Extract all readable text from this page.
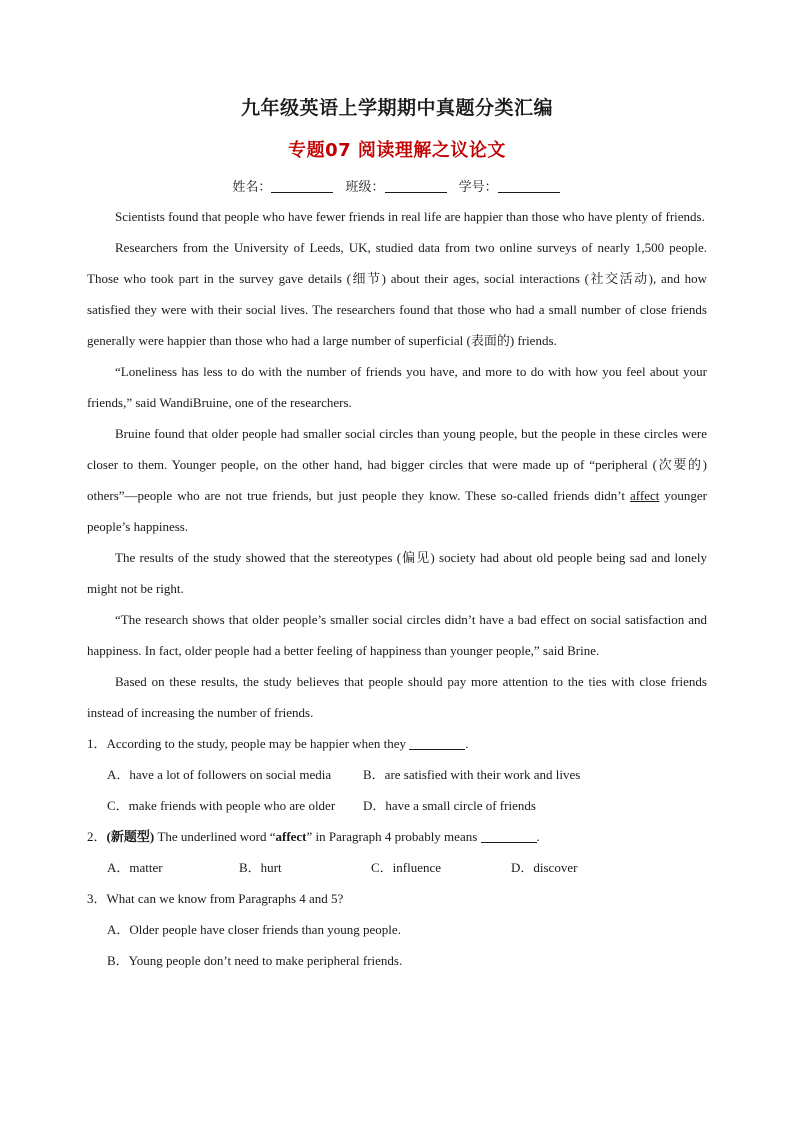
九年级英语上学期期中真题分类汇编
专题07 阅读理解之议论文
姓名：	班级：	学号：

Scientists found that people who have fewer friends in real life are happier than those who have plenty of friends.

Researchers from the University of Leeds, UK, studied data from two online surveys of nearly 1,500 people. Those who took part in the survey gave details (细节) about their ages, social interactions (社交活动), and how satisfied they were with their social lives. The researchers found that those who had a small number of close friends generally were happier than those who had a large number of superficial (表面的) friends.

“Loneliness has less to do with the number of friends you have, and more to do with how you feel about your friends,” said WandiBruine, one of the researchers.

Bruine found that older people had smaller social circles than young people, but the people in these circles were closer to them. Younger people, on the other hand, had bigger circles that were made up of “peripheral (次要的) others”—people who are not true friends, but just people they know. These so-called friends didn’t affect younger people’s happiness.

The results of the study showed that the stereotypes (偏见) society had about old people being sad and lonely might not be right.

“The research shows that older people’s smaller social circles didn’t have a bad effect on social satisfaction and happiness. In fact, older people had a better feeling of happiness than younger people,” said Brine.

Based on these results, the study believes that people should pay more attention to the ties with close friends instead of increasing the number of friends.

1．According to the study, people may be happier when they	.
A．have a lot of followers on social media B．are satisfied with their work and lives
C．make friends with people who are older D．have a small circle of friends
2．(新题型) The underlined word “affect” in Paragraph 4 probably means	.
A．matter	B．hurt	C．influence	D．discover
3．What can we know from Paragraphs 4 and 5?
A．Older people have closer friends than young people.
B．Young people don’t need to make peripheral friends.
